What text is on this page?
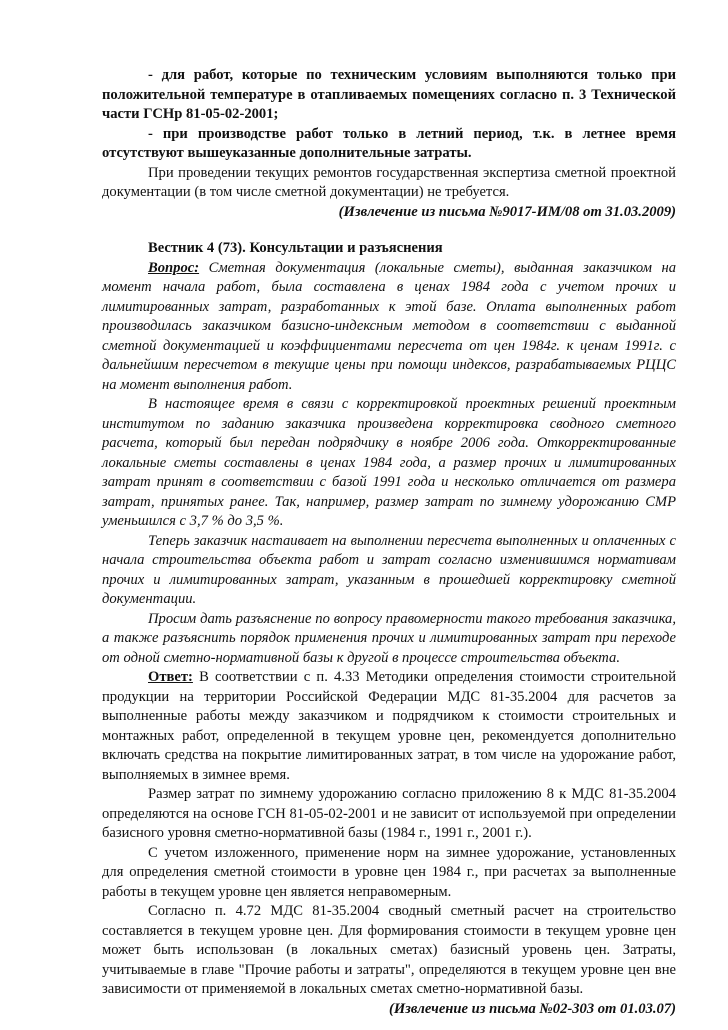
- для работ, которые по техническим условиям выполняются только при положительной температуре в отапливаемых помещениях согласно п. 3 Технической части ГСНр 81-05-02-2001;

- при производстве работ только в летний период, т.к. в летнее время отсутствуют вышеуказанные дополнительные затраты.

При проведении текущих ремонтов государственная экспертиза сметной проектной документации (в том числе сметной документации) не требуется.

(Извлечение из письма №9017-ИМ/08 от 31.03.2009)

Вестник 4 (73). Консультации и разъяснения

Вопрос: Сметная документация (локальные сметы), выданная заказчиком на момент начала работ, была составлена в ценах 1984 года с учетом прочих и лимитированных затрат, разработанных к этой базе. Оплата выполненных работ производилась заказчиком базисно-индексным методом в соответствии с выданной сметной документацией и коэффициентами пересчета от цен 1984г. к ценам 1991г. с дальнейшим пересчетом в текущие цены при помощи индексов, разрабатываемых РЦЦС на момент выполнения работ.

В настоящее время в связи с корректировкой проектных решений проектным институтом по заданию заказчика произведена корректировка сводного сметного расчета, который был передан подрядчику в ноябре 2006 года. Откорректированные локальные сметы составлены в ценах 1984 года, а размер прочих и лимитированных затрат принят в соответствии с базой 1991 года и несколько отличается от размера затрат, принятых ранее. Так, например, размер затрат по зимнему удорожанию СМР уменьшился с 3,7 % до 3,5 %.

Теперь заказчик настаивает на выполнении пересчета выполненных и оплаченных с начала строительства объекта работ и затрат согласно изменившимся нормативам прочих и лимитированных затрат, указанным в прошедшей корректировку сметной документации.

Просим дать разъяснение по вопросу правомерности такого требования заказчика, а также разъяснить порядок применения прочих и лимитированных затрат при переходе от одной сметно-нормативной базы к другой в процессе строительства объекта.

Ответ: В соответствии с п. 4.33 Методики определения стоимости строительной продукции на территории Российской Федерации МДС 81-35.2004 для расчетов за выполненные работы между заказчиком и подрядчиком к стоимости строительных и монтажных работ, определенной в текущем уровне цен, рекомендуется дополнительно включать средства на покрытие лимитированных затрат, в том числе на удорожание работ, выполняемых в зимнее время.

Размер затрат по зимнему удорожанию согласно приложению 8 к МДС 81-35.2004 определяются на основе ГСН 81-05-02-2001 и не зависит от используемой при определении базисного уровня сметно-нормативной базы (1984 г., 1991 г., 2001 г.).

С учетом изложенного, применение норм на зимнее удорожание, установленных для определения сметной стоимости в уровне цен 1984 г., при расчетах за выполненные работы в текущем уровне цен является неправомерным.

Согласно п. 4.72 МДС 81-35.2004 сводный сметный расчет на строительство составляется в текущем уровне цен. Для формирования стоимости в текущем уровне цен может быть использован (в локальных сметах) базисный уровень цен. Затраты, учитываемые в главе "Прочие работы и затраты", определяются в текущем уровне цен вне зависимости от применяемой в локальных сметах сметно-нормативной базы.

(Извлечение из письма №02-303 от 01.03.07)
